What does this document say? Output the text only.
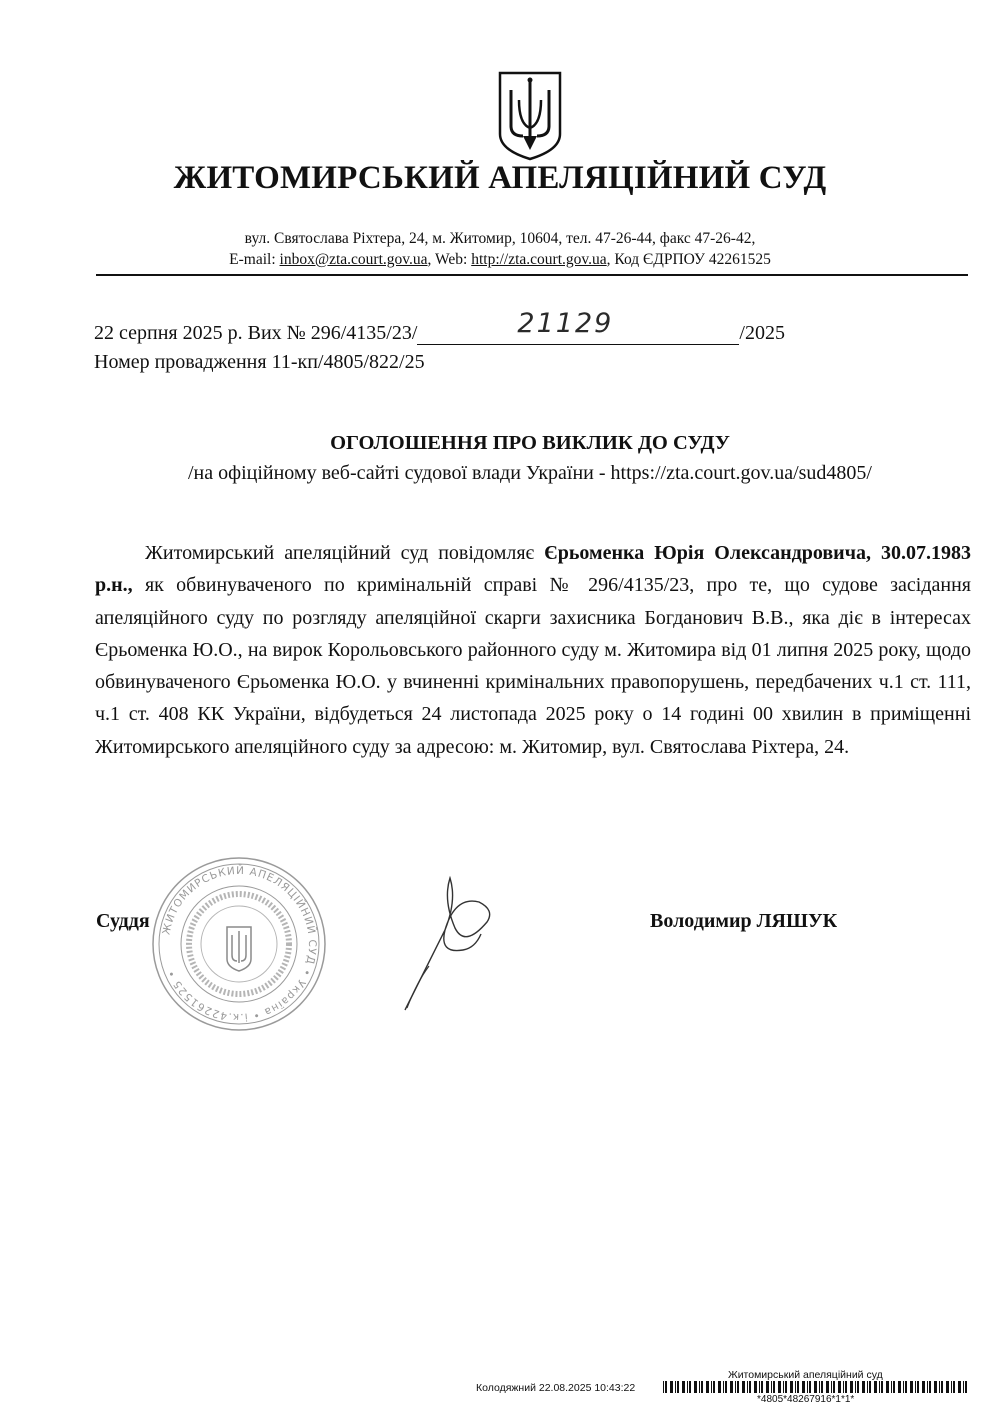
ЖИТОМИРСЬКИЙ АПЕЛЯЦІЙНИЙ СУД
вул. Святослава Ріхтера, 24, м. Житомир, 10604, тел. 47-26-44, факс 47-26-42,
E-mail: inbox@zta.court.gov.ua, Web: http://zta.court.gov.ua, Код ЄДРПОУ 42261525
22 серпня 2025 р. Вих № 296/4135/23/	21129	/2025
Номер провадження 11-кп/4805/822/25
ОГОЛОШЕННЯ ПРО ВИКЛИК ДО СУДУ
/на офіційному веб-сайті судової влади України - https://zta.court.gov.ua/sud4805/
Житомирський апеляційний суд повідомляє Єрьоменка Юрія Олександровича, 30.07.1983 р.н., як обвинуваченого по кримінальній справі № 296/4135/23, про те, що судове засідання апеляційного суду по розгляду апеляційної скарги захисника Богданович В.В., яка діє в інтересах Єрьоменка Ю.О., на вирок Корольовського районного суду м. Житомира від 01 липня 2025 року, щодо обвинуваченого Єрьоменка Ю.О. у вчиненні кримінальних правопорушень, передбачених ч.1 ст. 111, ч.1 ст. 408 КК України, відбудеться 24 листопада 2025 року о 14 годині 00 хвилин в приміщенні Житомирського апеляційного суду за адресою: м. Житомир, вул. Святослава Ріхтера, 24.
ЖИТОМИРСЬКИЙ АПЕЛЯЦІЙНИЙ СУД • Україна • і.к.42261525 •
Суддя	Володимир ЛЯШУК
Житомирський апеляційний суд
Колодяжний 22.08.2025 10:43:22
*4805*48267916*1*1*
